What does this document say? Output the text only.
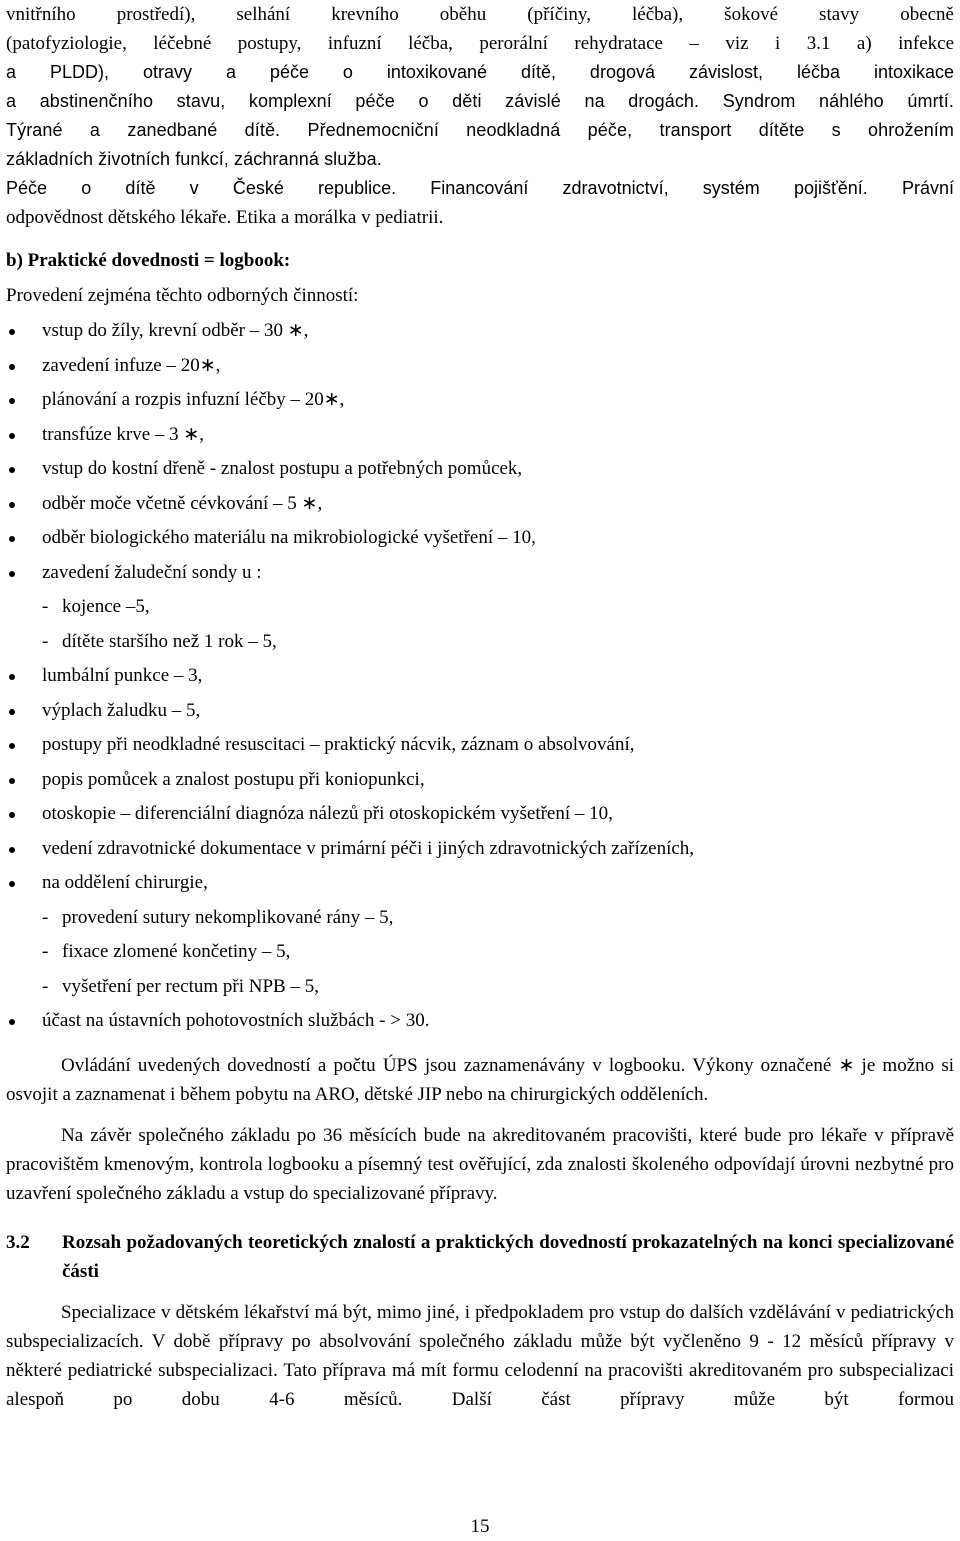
vnitřního prostředí), selhání krevního oběhu (příčiny, léčba), šokové stavy obecně

(patofyziologie, léčebné postupy, infuzní léčba, perorální rehydratace – viz i 3.1 a) infekce

a PLDD), otravy a péče o intoxikované dítě, drogová závislost, léčba intoxikace

a abstinenčního stavu, komplexní péče o děti závislé na drogách. Syndrom náhlého úmrtí.

Týrané a zanedbané dítě. Přednemocniční neodkladná péče, transport dítěte s ohrožením

základních životních funkcí, záchranná služba.

Péče o dítě v České republice. Financování zdravotnictví, systém pojišťění. Právní

odpovědnost dětského lékaře. Etika a morálka v pediatrii.

b) Praktické dovednosti = logbook:

Provedení zejména těchto odborných činností:

vstup do žíly, krevní odběr – 30 ∗,
zavedení infuze – 20∗,
plánování a rozpis infuzní léčby – 20∗,
transfúze krve – 3 ∗,
vstup do kostní dřeně - znalost postupu a potřebných pomůcek,
odběr moče včetně cévkování – 5 ∗,
odběr biologického materiálu na mikrobiologické vyšetření – 10,
zavedení žaludeční sondy u :
- kojence –5,
- dítěte staršího než 1 rok – 5,
lumbální punkce – 3,
výplach žaludku – 5,
postupy při neodkladné resuscitaci – praktický nácvik, záznam o absolvování,
popis pomůcek a znalost postupu při koniopunkci,
otoskopie – diferenciální diagnóza nálezů při otoskopickém vyšetření – 10,
vedení zdravotnické dokumentace v primární péči i jiných zdravotnických zařízeních,
na oddělení chirurgie,
- provedení sutury nekomplikované rány – 5,
- fixace zlomené končetiny – 5,
- vyšetření per rectum při NPB – 5,
účast na ústavních pohotovostních službách - > 30.

Ovládání uvedených dovedností a počtu ÚPS jsou zaznamenávány v logbooku. Výkony označené ∗ je možno si osvojit a zaznamenat i během pobytu na ARO, dětské JIP nebo na chirurgických odděleních.

Na závěr společného základu po 36 měsících bude na akreditovaném pracovišti, které bude pro lékaře v přípravě pracovištěm kmenovým, kontrola logbooku a písemný test ověřující, zda znalosti školeného odpovídají úrovni nezbytné pro uzavření společného základu a vstup do specializované přípravy.

3.2	Rozsah požadovaných teoretických znalostí a praktických dovedností prokazatelných na konci specializované části

Specializace v dětském lékařství má být, mimo jiné, i předpokladem pro vstup do dalších vzdělávání v pediatrických subspecializacích. V době přípravy po absolvování společného základu může být vyčleněno 9 - 12 měsíců přípravy v některé pediatrické subspecializaci. Tato příprava má mít formu celodenní na pracovišti akreditovaném pro subspecializaci alespoň po dobu 4-6 měsíců. Další část přípravy může být formou

15
